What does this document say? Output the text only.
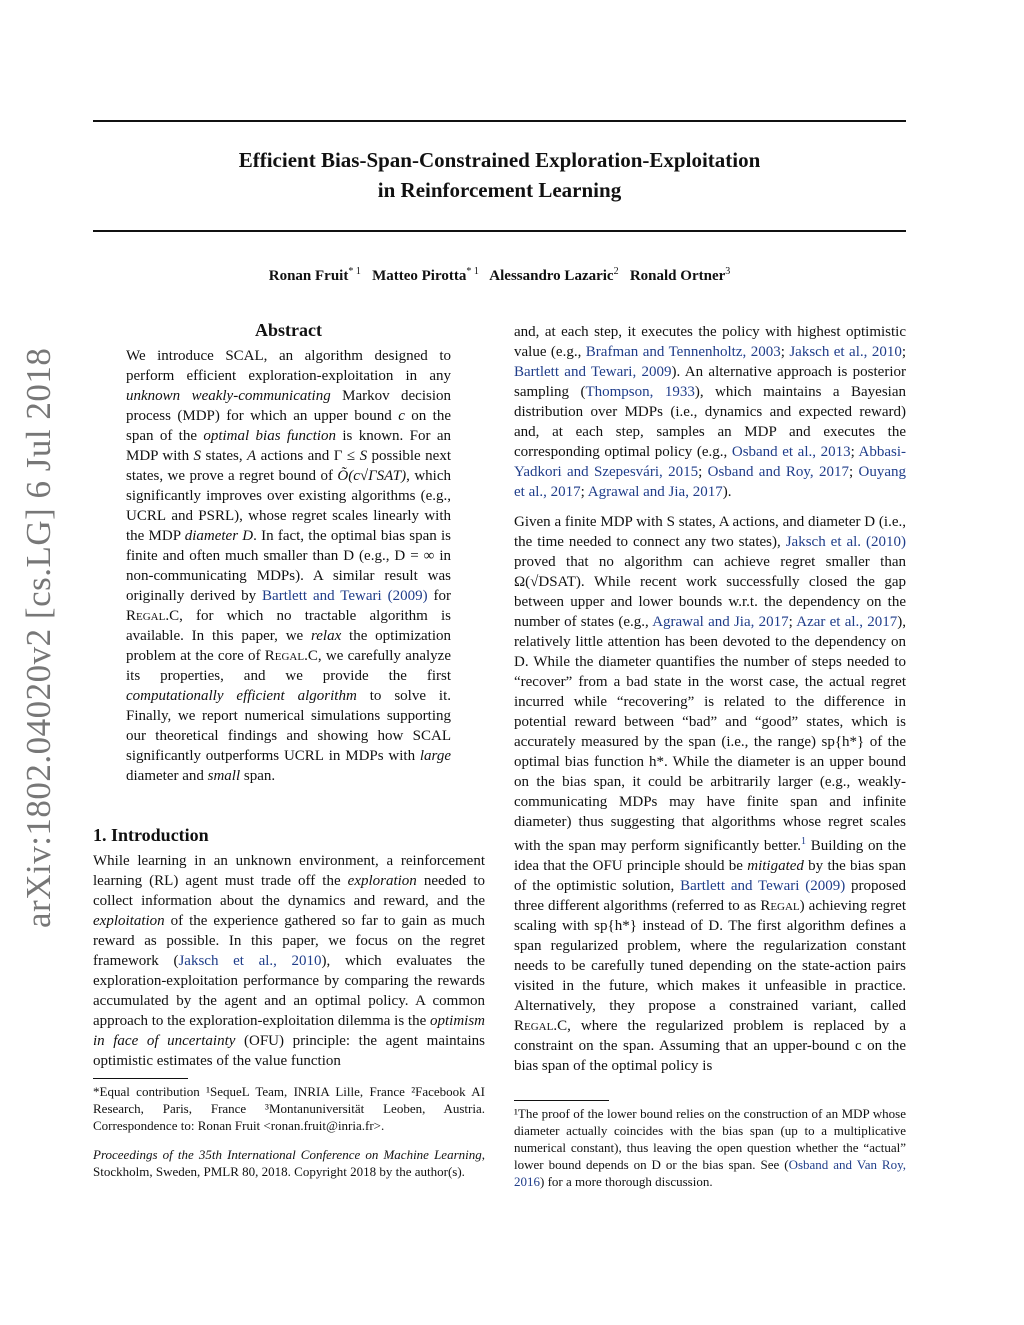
arXiv:1802.04020v2 [cs.LG] 6 Jul 2018
Efficient Bias-Span-Constrained Exploration-Exploitation
in Reinforcement Learning
Ronan Fruit$^{* 1}$ Matteo Pirotta$^{* 1}$ Alessandro Lazaric$^2$ Ronald Ortner$^3$
Abstract

We introduce SCAL, an algorithm designed to perform efficient exploration-exploitation in any unknown weakly-communicating Markov decision process (MDP) for which an upper bound c on the span of the optimal bias function is known. For an MDP with S states, A actions and Γ ≤ S possible next states, we prove a regret bound of Õ(c√ΓSAT), which significantly improves over existing algorithms (e.g., UCRL and PSRL), whose regret scales linearly with the MDP diameter D. In fact, the optimal bias span is finite and often much smaller than D (e.g., D = ∞ in non-communicating MDPs). A similar result was originally derived by Bartlett and Tewari (2009) for Regal.C, for which no tractable algorithm is available. In this paper, we relax the optimization problem at the core of Regal.C, we carefully analyze its properties, and we provide the first computationally efficient algorithm to solve it. Finally, we report numerical simulations supporting our theoretical findings and showing how SCAL significantly outperforms UCRL in MDPs with large diameter and small span.

1. Introduction

While learning in an unknown environment, a reinforcement learning (RL) agent must trade off the exploration needed to collect information about the dynamics and reward, and the exploitation of the experience gathered so far to gain as much reward as possible. In this paper, we focus on the regret framework (Jaksch et al., 2010), which evaluates the exploration-exploitation performance by comparing the rewards accumulated by the agent and an optimal policy. A common approach to the exploration-exploitation dilemma is the optimism in face of uncertainty (OFU) principle: the agent maintains optimistic estimates of the value function

*Equal contribution ¹SequeL Team, INRIA Lille, France ²Facebook AI Research, Paris, France ³Montanuniversität Leoben, Austria. Correspondence to: Ronan Fruit <ronan.fruit@inria.fr>.

Proceedings of the 35th International Conference on Machine Learning, Stockholm, Sweden, PMLR 80, 2018. Copyright 2018 by the author(s).

and, at each step, it executes the policy with highest optimistic value (e.g., Brafman and Tennenholtz, 2003; Jaksch et al., 2010; Bartlett and Tewari, 2009). An alternative approach is posterior sampling (Thompson, 1933), which maintains a Bayesian distribution over MDPs (i.e., dynamics and expected reward) and, at each step, samples an MDP and executes the corresponding optimal policy (e.g., Osband et al., 2013; Abbasi-Yadkori and Szepesvári, 2015; Osband and Roy, 2017; Ouyang et al., 2017; Agrawal and Jia, 2017).

Given a finite MDP with S states, A actions, and diameter D (i.e., the time needed to connect any two states), Jaksch et al. (2010) proved that no algorithm can achieve regret smaller than Ω(√DSAT). While recent work successfully closed the gap between upper and lower bounds w.r.t. the dependency on the number of states (e.g., Agrawal and Jia, 2017; Azar et al., 2017), relatively little attention has been devoted to the dependency on D. While the diameter quantifies the number of steps needed to “recover” from a bad state in the worst case, the actual regret incurred while “recovering” is related to the difference in potential reward between “bad” and “good” states, which is accurately measured by the span (i.e., the range) sp{h*} of the optimal bias function h*. While the diameter is an upper bound on the bias span, it could be arbitrarily larger (e.g., weakly-communicating MDPs may have finite span and infinite diameter) thus suggesting that algorithms whose regret scales with the span may perform significantly better.$^1$ Building on the idea that the OFU principle should be mitigated by the bias span of the optimistic solution, Bartlett and Tewari (2009) proposed three different algorithms (referred to as Regal) achieving regret scaling with sp{h*} instead of D. The first algorithm defines a span regularized problem, where the regularization constant needs to be carefully tuned depending on the state-action pairs visited in the future, which makes it unfeasible in practice. Alternatively, they propose a constrained variant, called Regal.C, where the regularized problem is replaced by a constraint on the span. Assuming that an upper-bound c on the bias span of the optimal policy is

¹The proof of the lower bound relies on the construction of an MDP whose diameter actually coincides with the bias span (up to a multiplicative numerical constant), thus leaving the open question whether the “actual” lower bound depends on D or the bias span. See (Osband and Van Roy, 2016) for a more thorough discussion.
